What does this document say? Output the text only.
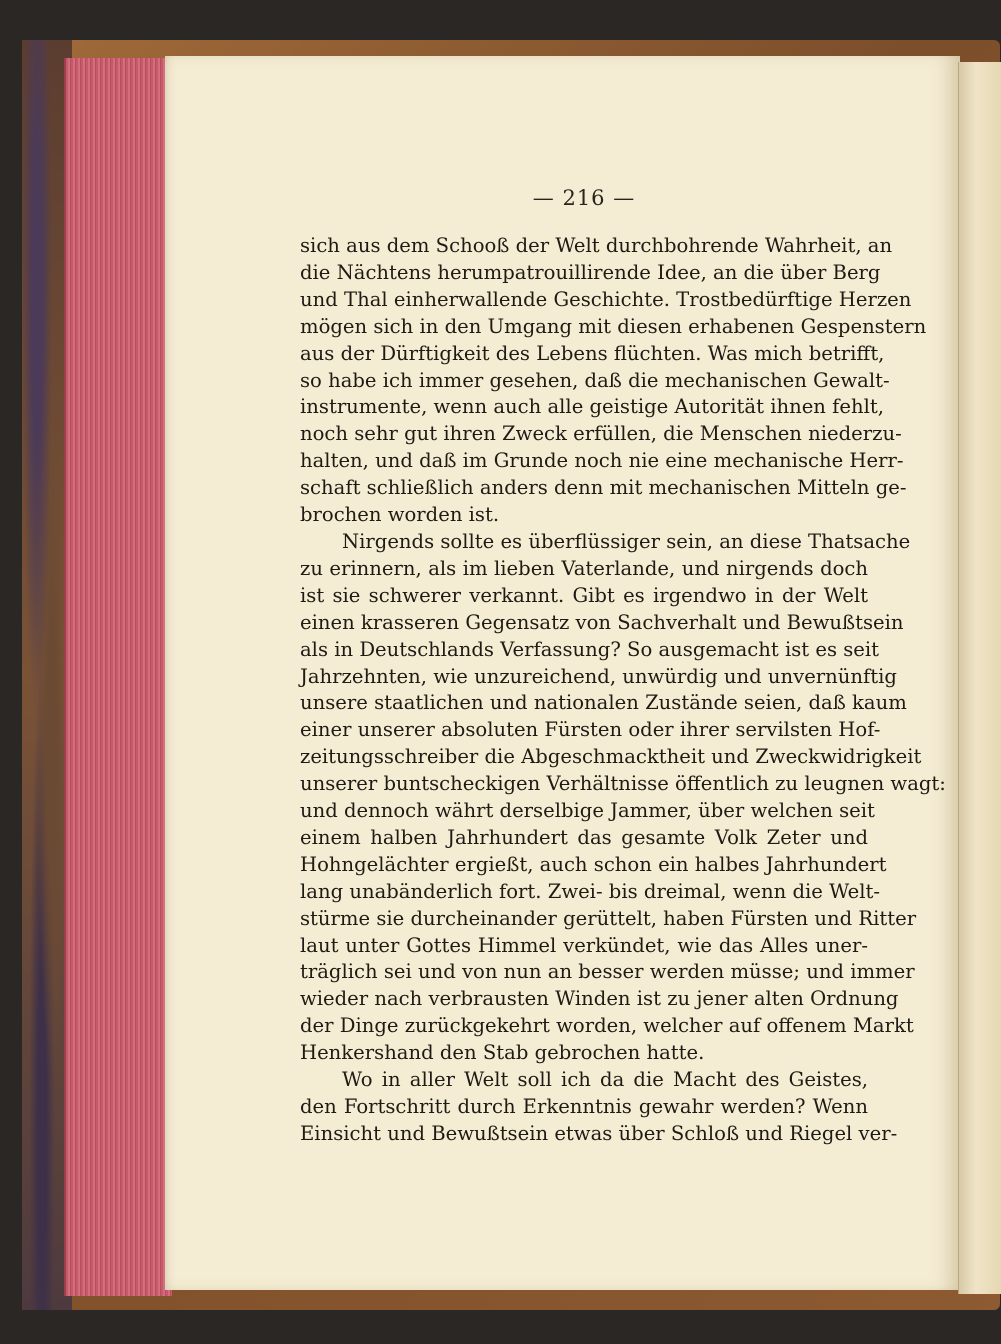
— 216 —
sich aus dem Schooß der Welt durchbohrende Wahrheit, an
die Nächtens herumpatrouillirende Idee, an die über Berg
und Thal einherwallende Geschichte. Trostbedürftige Herzen
mögen sich in den Umgang mit diesen erhabenen Gespenstern
aus der Dürftigkeit des Lebens flüchten. Was mich betrifft,
so habe ich immer gesehen, daß die mechanischen Gewalt-
instrumente, wenn auch alle geistige Autorität ihnen fehlt,
noch sehr gut ihren Zweck erfüllen, die Menschen niederzu-
halten, und daß im Grunde noch nie eine mechanische Herr-
schaft schließlich anders denn mit mechanischen Mitteln ge-
brochen worden ist.
Nirgends sollte es überflüssiger sein, an diese Thatsache
zu erinnern, als im lieben Vaterlande, und nirgends doch
ist sie schwerer verkannt. Gibt es irgendwo in der Welt
einen krasseren Gegensatz von Sachverhalt und Bewußtsein
als in Deutschlands Verfassung? So ausgemacht ist es seit
Jahrzehnten, wie unzureichend, unwürdig und unvernünftig
unsere staatlichen und nationalen Zustände seien, daß kaum
einer unserer absoluten Fürsten oder ihrer servilsten Hof-
zeitungsschreiber die Abgeschmacktheit und Zweckwidrigkeit
unserer buntscheckigen Verhältnisse öffentlich zu leugnen wagt:
und dennoch währt derselbige Jammer, über welchen seit
einem halben Jahrhundert das gesamte Volk Zeter und
Hohngelächter ergießt, auch schon ein halbes Jahrhundert
lang unabänderlich fort. Zwei- bis dreimal, wenn die Welt-
stürme sie durcheinander gerüttelt, haben Fürsten und Ritter
laut unter Gottes Himmel verkündet, wie das Alles uner-
träglich sei und von nun an besser werden müsse; und immer
wieder nach verbrausten Winden ist zu jener alten Ordnung
der Dinge zurückgekehrt worden, welcher auf offenem Markt
Henkershand den Stab gebrochen hatte.
Wo in aller Welt soll ich da die Macht des Geistes,
den Fortschritt durch Erkenntnis gewahr werden? Wenn
Einsicht und Bewußtsein etwas über Schloß und Riegel ver-
